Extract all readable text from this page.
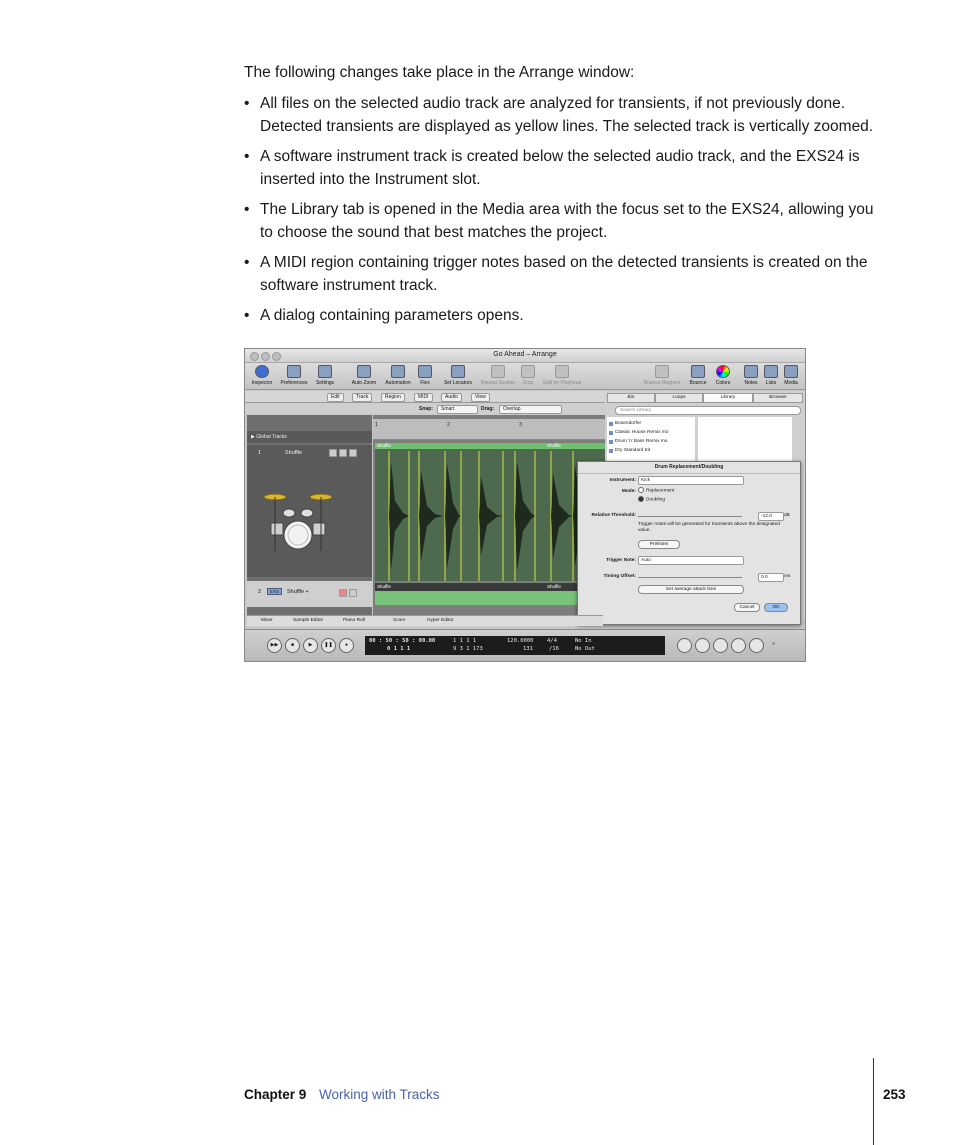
The following changes take place in the Arrange window:
• All files on the selected audio track are analyzed for transients, if not previously done. Detected transients are displayed as yellow lines. The selected track is vertically zoomed.
• A software instrument track is created below the selected audio track, and the EXS24 is inserted into the Instrument slot.
• The Library tab is opened in the Media area with the focus set to the EXS24, allowing you to choose the sound that best matches the project.
• A MIDI region containing trigger notes based on the detected transients is created on the software instrument track.
• A dialog containing parameters opens.
Go Ahead – Arrange
Inspector	Preferences	Settings	Auto Zoom	Automation	Flex	Set Locators	Repeat Section	Crop	Split by Playhead	Bounce Regions	Bounce	Colors	Notes	Lists	Media
Edit	Track	Region	MIDI	Audio	View
Snap:	Smart	Drag:	Overlap
▶ Global Tracks
1	Shuffle
2	EXS	Shuffle +
1	2	3
Shuffle	Shuffle
Shuffle	Shuffle
Bin	Loops	Library	Browser
Search Library
Bosendorfer
Classic House Remix mo
Drum 'n' Bass Remix mo
Dry Standard Kit
Drum Replacement/Doubling
Instrument:	Kick
Mode:	Replacement
Doubling
Relative Threshold:	-12.0	dB
Trigger notes will be generated for transients above the designated value.
Prelisten
Trigger Note:	Auto
Timing Offset:	0.0	ms
Set average attack time
Cancel	OK
Mixer	Sample Editor	Piano Roll	Score	Hyper Editor
▶▶	■	▶	❚❚	●
00 : 50 : 58 : 00.00	1 1 1 1	120.0000 4/4	No In
0 1 1 1	9 3 1 173	131	/16	No Out
»
Chapter 9 Working with Tracks	253
